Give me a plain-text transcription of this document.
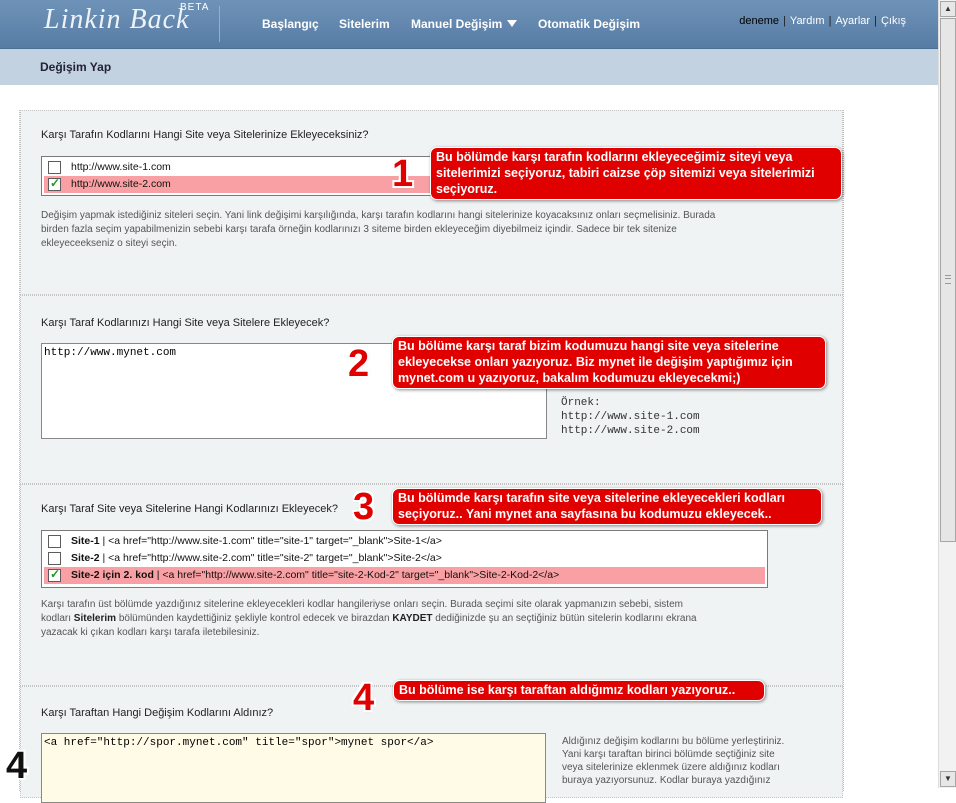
Linkin Back
BETA
Başlangıç Sitelerim Manuel Değişim	Otomatik Değişim	deneme | Yardım | Ayarlar | Çıkış
Değişim Yap
Karşı Tarafın Kodlarını Hangi Site veya Sitelerinize Ekleyeceksiniz?
http://www.site-1.com
✓ http://www.site-2.com
Değişim yapmak istediğiniz siteleri seçin. Yani link değişimi karşılığında, karşı tarafın kodlarını hangi sitelerinize koyacaksınız onları seçmelisiniz. Burada
birden fazla seçim yapabilmenizin sebebi karşı tarafa örneğin kodlarınızı 3 siteme birden ekleyeceğim diyebilmeiz içindir. Sadece bir tek sitenize
ekleyeceekseniz o siteyi seçin.
Karşı Taraf Kodlarınızı Hangi Site veya Sitelere Ekleyecek?
http://www.mynet.com
Örnek:
http://www.site-1.com
http://www.site-2.com
Karşı Taraf Site veya Sitelerine Hangi Kodlarınızı Ekleyecek?
Site-1 | <a href="http://www.site-1.com" title="site-1" target="_blank">Site-1</a>
Site-2 | <a href="http://www.site-2.com" title="site-2" target="_blank">Site-2</a>
✓ Site-2 için 2. kod | <a href="http://www.site-2.com" title="site-2-Kod-2" target="_blank">Site-2-Kod-2</a>
Karşı tarafın üst bölümde yazdığınız sitelerine ekleyecekleri kodlar hangileriyse onları seçin. Burada seçimi site olarak yapmanızın sebebi, sistem
kodları Sitelerim bölümünden kaydettiğiniz şekliyle kontrol edecek ve birazdan KAYDET dediğinizde şu an seçtiğiniz bütün sitelerin kodlarını ekrana
yazacak ki çıkan kodları karşı tarafa iletebilesiniz.
Karşı Taraftan Hangi Değişim Kodlarını Aldınız?
<a href="http://spor.mynet.com" title="spor">mynet spor</a>	Aldığınız değişim kodlarını bu bölüme yerleştiriniz.
Yani karşı taraftan birinci bölümde seçtiğiniz site
veya sitelerinize eklenmek üzere aldığınız kodları
buraya yazıyorsunuz. Kodlar buraya yazdığınız
1 Bu bölümde karşı tarafın kodlarını ekleyeceğimiz siteyi veya
sitelerimizi seçiyoruz, tabiri caizse çöp sitemizi veya sitelerimizi
seçiyoruz.
2 Bu bölüme karşı taraf bizim kodumuzu hangi site veya sitelerine
ekleyecekse onları yazıyoruz. Biz mynet ile değişim yaptığımız için
mynet.com u yazıyoruz, bakalım kodumuzu ekleyecekmi;)
3 Bu bölümde karşı tarafın site veya sitelerine ekleyecekleri kodları
seçiyoruz.. Yani mynet ana sayfasına bu kodumuzu ekleyecek..
4 Bu bölüme ise karşı taraftan aldığımız kodları yazıyoruz..
4
▲
▼
